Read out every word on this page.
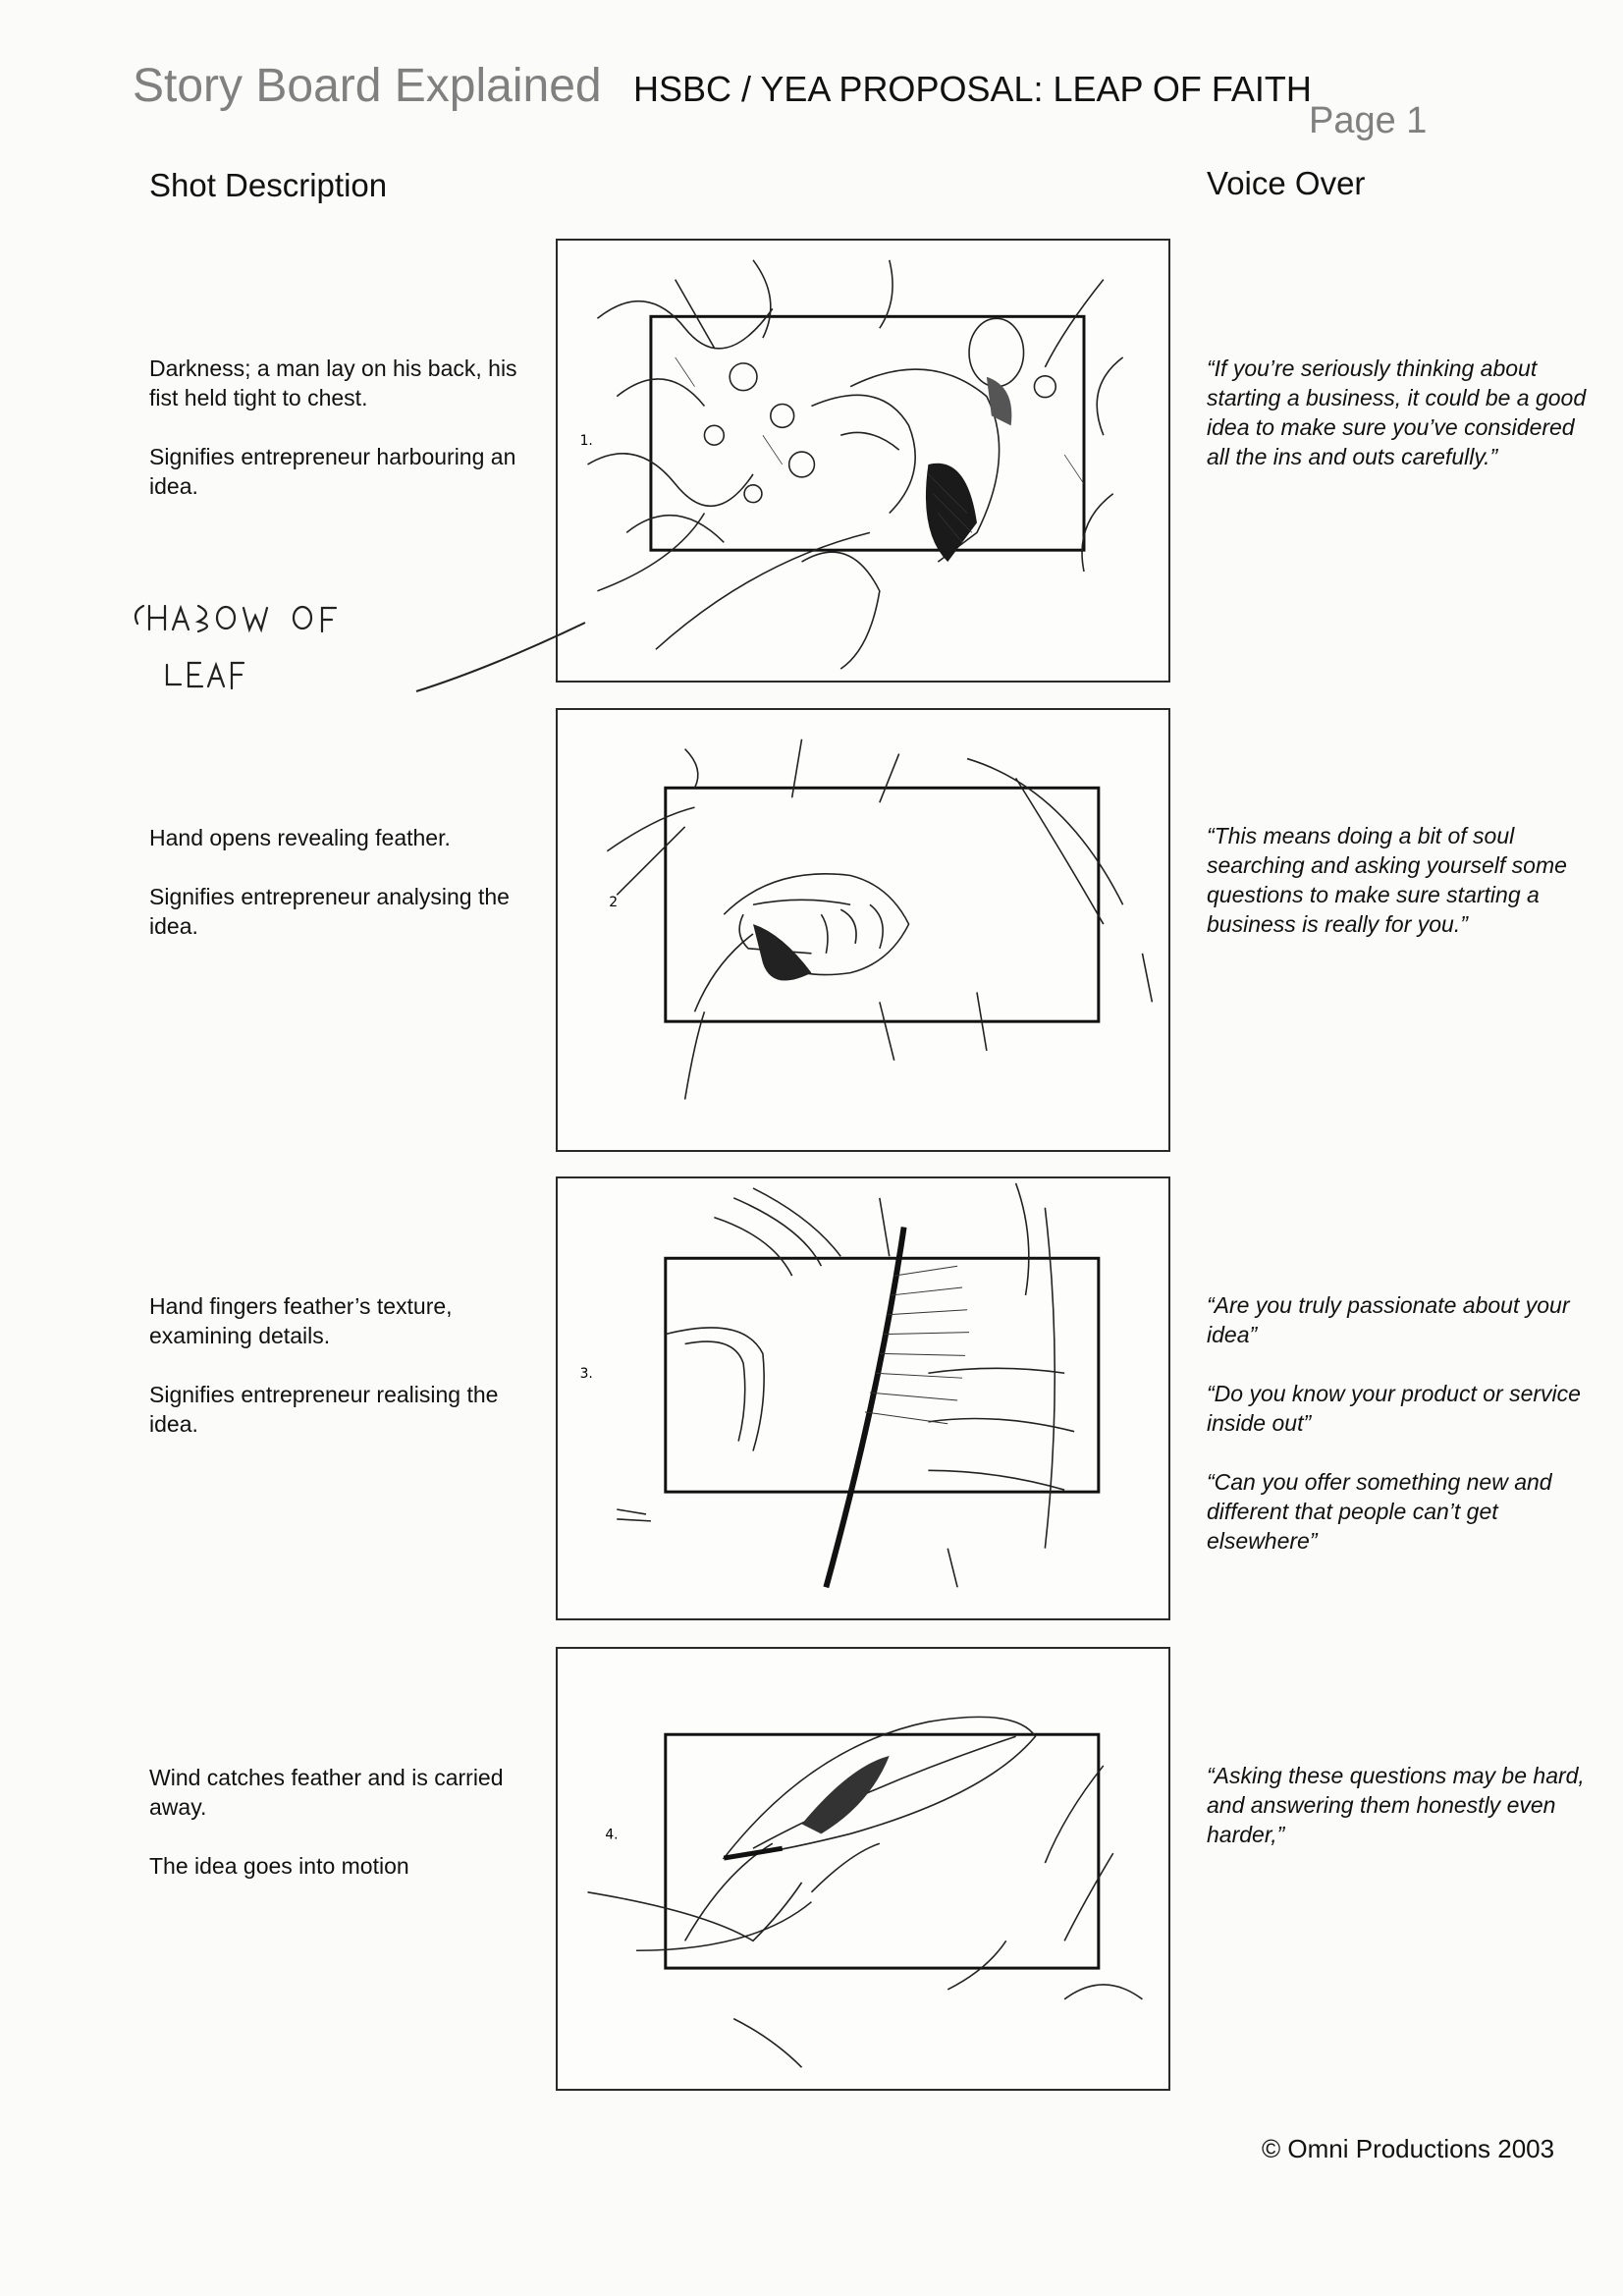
Story Board Explained HSBC / YEA PROPOSAL: LEAP OF FAITH
Page 1
Shot Description	Voice Over

Darkness; a man lay on his back, his fist held tight to chest.

Signifies entrepreneur harbouring an idea.

1.

“If you’re seriously thinking about starting a business, it could be a good idea to make sure you’ve considered all the ins and outs carefully.”

SHADOW OF LEAF

Hand opens revealing feather.

Signifies entrepreneur analysing the idea.

2

“This means doing a bit of soul searching and asking yourself some questions to make sure starting a business is really for you.”

Hand fingers feather’s texture, examining details.

Signifies entrepreneur realising the idea.

3.

“Are you truly passionate about your idea”

“Do you know your product or service inside out”

“Can you offer something new and different that people can’t get elsewhere”

Wind catches feather and is carried away.

The idea goes into motion

4.

“Asking these questions may be hard, and answering them honestly even harder,”

© Omni Productions 2003
